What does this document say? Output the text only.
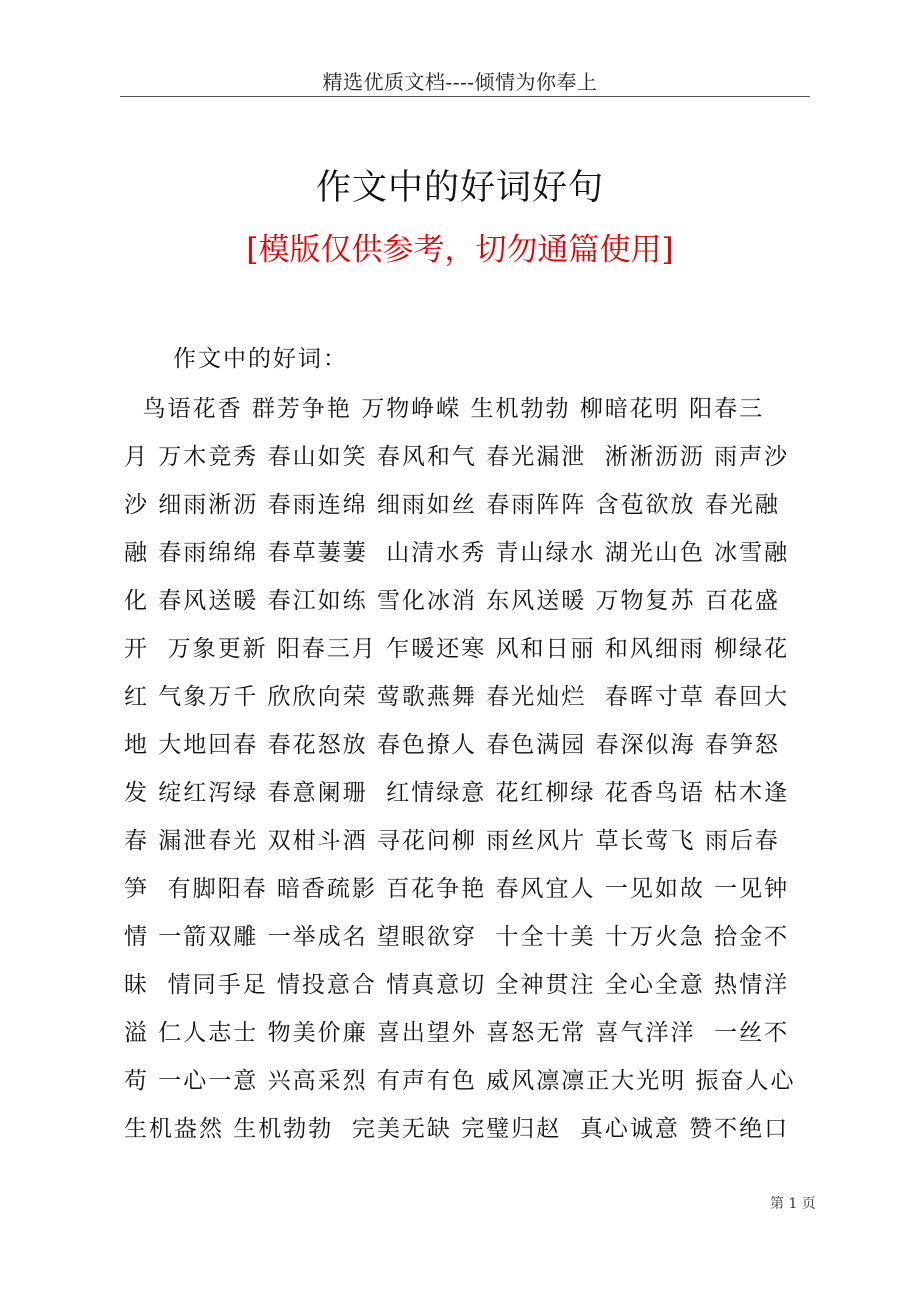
精选优质文档----倾情为你奉上
作文中的好词好句
[模版仅供参考，切勿通篇使用]
作文中的好词：
鸟语花香 群芳争艳 万物峥嵘 生机勃勃 柳暗花明 阳春三
月 万木竞秀 春山如笑 春风和气 春光漏泄  淅淅沥沥 雨声沙
沙 细雨淅沥 春雨连绵 细雨如丝 春雨阵阵 含苞欲放 春光融
融 春雨绵绵 春草萋萋  山清水秀 青山绿水 湖光山色 冰雪融
化 春风送暖 春江如练 雪化冰消 东风送暖 万物复苏 百花盛
开  万象更新 阳春三月 乍暖还寒 风和日丽 和风细雨 柳绿花
红 气象万千 欣欣向荣 莺歌燕舞 春光灿烂  春晖寸草 春回大
地 大地回春 春花怒放 春色撩人 春色满园 春深似海 春笋怒
发 绽红泻绿 春意阑珊  红情绿意 花红柳绿 花香鸟语 枯木逢
春 漏泄春光 双柑斗酒 寻花问柳 雨丝风片 草长莺飞 雨后春
笋  有脚阳春 暗香疏影 百花争艳 春风宜人 一见如故 一见钟
情 一箭双雕 一举成名 望眼欲穿  十全十美 十万火急 拾金不
昧  情同手足 情投意合 情真意切 全神贯注 全心全意 热情洋
溢 仁人志士 物美价廉 喜出望外 喜怒无常 喜气洋洋  一丝不
苟 一心一意 兴高采烈 有声有色 威风凛凛正大光明 振奋人心
生机盎然 生机勃勃  完美无缺 完璧归赵  真心诚意 赞不绝口
第 1 页
